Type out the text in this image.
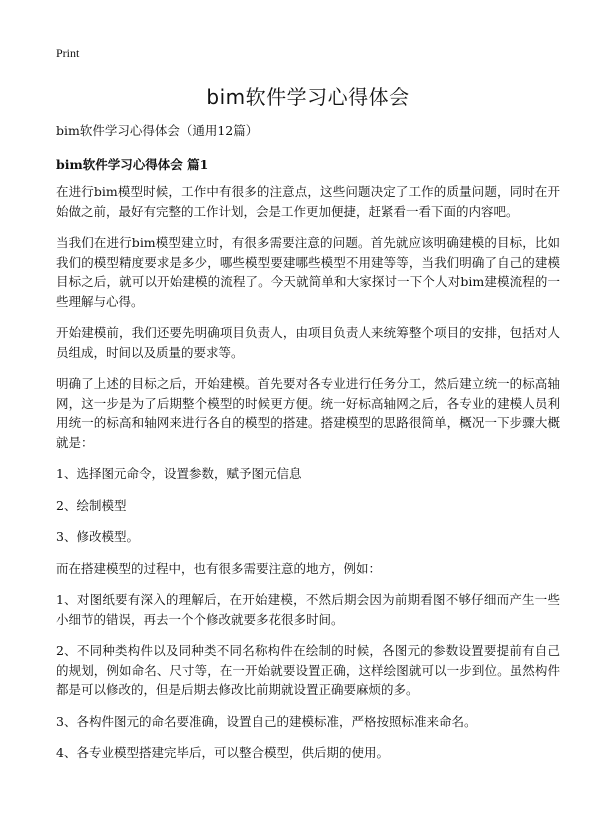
Print

bim软件学习心得体会

bim软件学习心得体会（通用12篇）

bim软件学习心得体会 篇1

在进行bim模型时候，工作中有很多的注意点，这些问题决定了工作的质量问题，同时在开始做之前，最好有完整的工作计划，会是工作更加便捷，赶紧看一看下面的内容吧。

当我们在进行bim模型建立时，有很多需要注意的问题。首先就应该明确建模的目标，比如我们的模型精度要求是多少，哪些模型要建哪些模型不用建等等，当我们明确了自己的建模目标之后，就可以开始建模的流程了。今天就简单和大家探讨一下个人对bim建模流程的一些理解与心得。

开始建模前，我们还要先明确项目负责人，由项目负责人来统筹整个项目的安排，包括对人员组成，时间以及质量的要求等。

明确了上述的目标之后，开始建模。首先要对各专业进行任务分工，然后建立统一的标高轴网，这一步是为了后期整个模型的时候更方便。统一好标高轴网之后，各专业的建模人员利用统一的标高和轴网来进行各自的模型的搭建。搭建模型的思路很简单，概况一下步骤大概就是：

1、选择图元命令，设置参数，赋予图元信息

2、绘制模型

3、修改模型。

而在搭建模型的过程中，也有很多需要注意的地方，例如：

1、对图纸要有深入的理解后，在开始建模，不然后期会因为前期看图不够仔细而产生一些小细节的错误，再去一个个修改就要多花很多时间。

2、不同种类构件以及同种类不同名称构件在绘制的时候，各图元的参数设置要提前有自己的规划，例如命名、尺寸等，在一开始就要设置正确，这样绘图就可以一步到位。虽然构件都是可以修改的，但是后期去修改比前期就设置正确要麻烦的多。

3、各构件图元的命名要准确，设置自己的建模标准，严格按照标准来命名。

4、各专业模型搭建完毕后，可以整合模型，供后期的使用。
